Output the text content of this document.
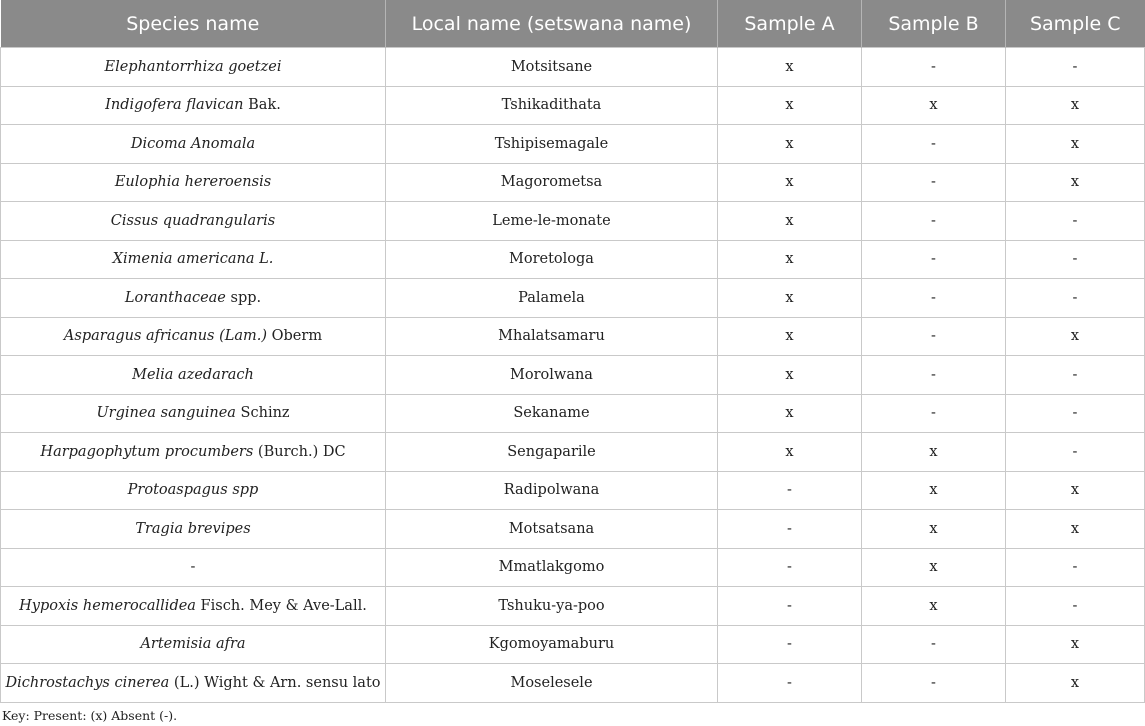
Species name	Local name (setswana name)	Sample A	Sample B	Sample C
Elephantorrhiza goetzei	Motsitsane	x	-	-
Indigofera flavican Bak.	Tshikadithata	x	x	x
Dicoma Anomala	Tshipisemagale	x	-	x
Eulophia hereroensis	Magorometsa	x	-	x
Cissus quadrangularis	Leme-le-monate	x	-	-
Ximenia americana L.	Moretologa	x	-	-
Loranthaceae spp.	Palamela	x	-	-
Asparagus africanus (Lam.) Oberm	Mhalatsamaru	x	-	x
Melia azedarach	Morolwana	x	-	-
Urginea sanguinea Schinz	Sekaname	x	-	-
Harpagophytum procumbers (Burch.) DC	Sengaparile	x	x	-
Protoaspagus spp	Radipolwana	-	x	x
Tragia brevipes	Motsatsana	-	x	x
-	Mmatlakgomo	-	x	-
Hypoxis hemerocallidea Fisch. Mey & Ave-Lall.	Tshuku-ya-poo	-	x	-
Artemisia afra	Kgomoyamaburu	-	-	x
Dichrostachys cinerea (L.) Wight & Arn. sensu lato	Moselesele	-	-	x
Key: Present: (x) Absent (-).
